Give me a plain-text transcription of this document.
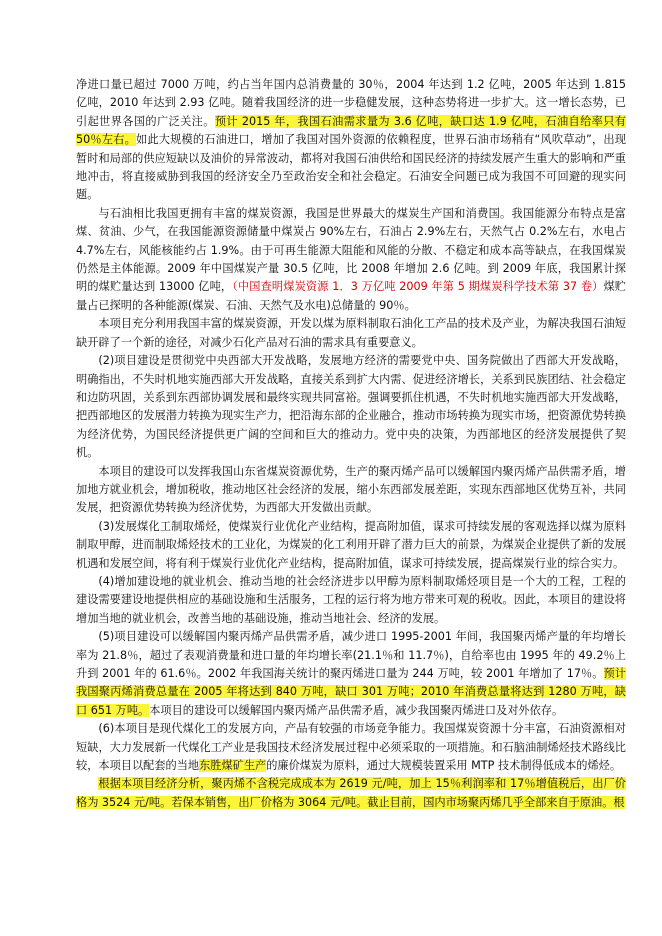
净进口量已超过 7000 万吨，约占当年国内总消费量的 30％，2004 年达到 1.2 亿吨，2005 年达到 1.815 亿吨，2010 年达到 2.93 亿吨。随着我国经济的进一步稳健发展，这种态势将进一步扩大。这一增长态势，已引起世界各国的广泛关注。预计 2015 年，我国石油需求量为 3.6 亿吨，缺口达 1.9 亿吨，石油自给率只有 50％左右。如此大规模的石油进口，增加了我国对国外资源的依赖程度，世界石油市场稍有“风吹草动”，出现暂时和局部的供应短缺以及油价的异常波动，都将对我国石油供给和国民经济的持续发展产生重大的影响和严重地冲击，将直接威胁到我国的经济安全乃至政治安全和社会稳定。石油安全问题已成为我国不可回避的现实问题。

与石油相比我国更拥有丰富的煤炭资源，我国是世界最大的煤炭生产国和消费国。我国能源分布特点是富煤、贫油、少气，在我国能源资源储量中煤炭占 90%左右，石油占 2.9%左右，天然气占 0.2%左右，水电占 4.7%左右，风能核能约占 1.9%。由于可再生能源大阻能和风能的分散、不稳定和成本高等缺点，在我国煤炭仍然是主体能源。2009 年中国煤炭产量 30.5 亿吨，比 2008 年增加 2.6 亿吨。到 2009 年底，我国累计探明的煤贮量达到 13000 亿吨，（中国查明煤炭资源 1．3 万亿吨 2009 年第 5 期煤炭科学技术第 37 卷）煤贮量占已探明的各种能源(煤炭、石油、天然气及水电)总储量的 90％。

本项目充分利用我国丰富的煤炭资源，开发以煤为原料制取石油化工产品的技术及产业，为解决我国石油短缺开辟了一个新的途径，对减少石化产品对石油的需求具有重要意义。

(2)项目建设是贯彻党中央西部大开发战略，发展地方经济的需要党中央、国务院做出了西部大开发战略，明确指出，不失时机地实施西部大开发战略，直接关系到扩大内需、促进经济增长，关系到民族团结、社会稳定和边防巩固，关系到东西部协调发展和最终实现共同富裕。强调要抓住机遇，不失时机地实施西部大开发战略，把西部地区的发展潜力转换为现实生产力，把沿海东部的企业融合，推动市场转换为现实市场，把资源优势转换为经济优势，为国民经济提供更广阔的空间和巨大的推动力。党中央的决策，为西部地区的经济发展提供了契机。

本项目的建设可以发挥我国山东省煤炭资源优势，生产的聚丙烯产品可以缓解国内聚丙烯产品供需矛盾，增加地方就业机会，增加税收，推动地区社会经济的发展，缩小东西部发展差距，实现东西部地区优势互补，共同发展，把资源优势转换为经济优势，为西部大开发做出贡献。

(3)发展煤化工制取烯烃，使煤炭行业优化产业结构，提高附加值，谋求可持续发展的客观选择以煤为原料制取甲醇，进而制取烯烃技术的工业化，为煤炭的化工利用开辟了潜力巨大的前景，为煤炭企业提供了新的发展机遇和发展空间，将有利于煤炭行业优化产业结构，提高附加值，谋求可持续发展，提高煤炭行业的综合实力。

(4)增加建设地的就业机会、推动当地的社会经济进步以甲醇为原料制取烯烃项目是一个大的工程，工程的建设需要建设地提供相应的基础设施和生活服务，工程的运行将为地方带来可观的税收。因此，本项目的建设将增加当地的就业机会，改善当地的基础设施，推动当地社会、经济的发展。

(5)项目建设可以缓解国内聚丙烯产品供需矛盾，减少进口 1995-2001 年间，我国聚丙烯产量的年均增长率为 21.8％，超过了表观消费量和进口量的年均增长率(21.1％和 11.7％)，自给率也由 1995 年的 49.2％上升到 2001 年的 61.6％。2002 年我国海关统计的聚丙烯进口量为 244 万吨，较 2001 年增加了 17％。预计我国聚丙烯消费总量在 2005 年将达到 840 万吨，缺口 301 万吨；2010 年消费总量将达到 1280 万吨，缺口 651 万吨。本项目的建设可以缓解国内聚丙烯产品供需矛盾，减少我国聚丙烯进口及对外依存。

(6)本项目是现代煤化工的发展方向，产品有较强的市场竞争能力。我国煤炭资源十分丰富，石油资源相对短缺，大力发展新一代煤化工产业是我国技术经济发展过程中必须采取的一项措施。和石脑油制烯烃技术路线比较，本项目以配套的当地东胜煤矿生产的廉价煤炭为原料，通过大规模装置采用 MTP 技术制得低成本的烯烃。

根据本项目经济分析，聚丙烯不含税完成成本为 2619 元/吨，加上 15％利润率和 17％增值税后，出厂价格为 3524 元/吨。若保本销售，出厂价格为 3064 元/吨。截止目前，国内市场聚丙烯几乎全部来自于原油。根
